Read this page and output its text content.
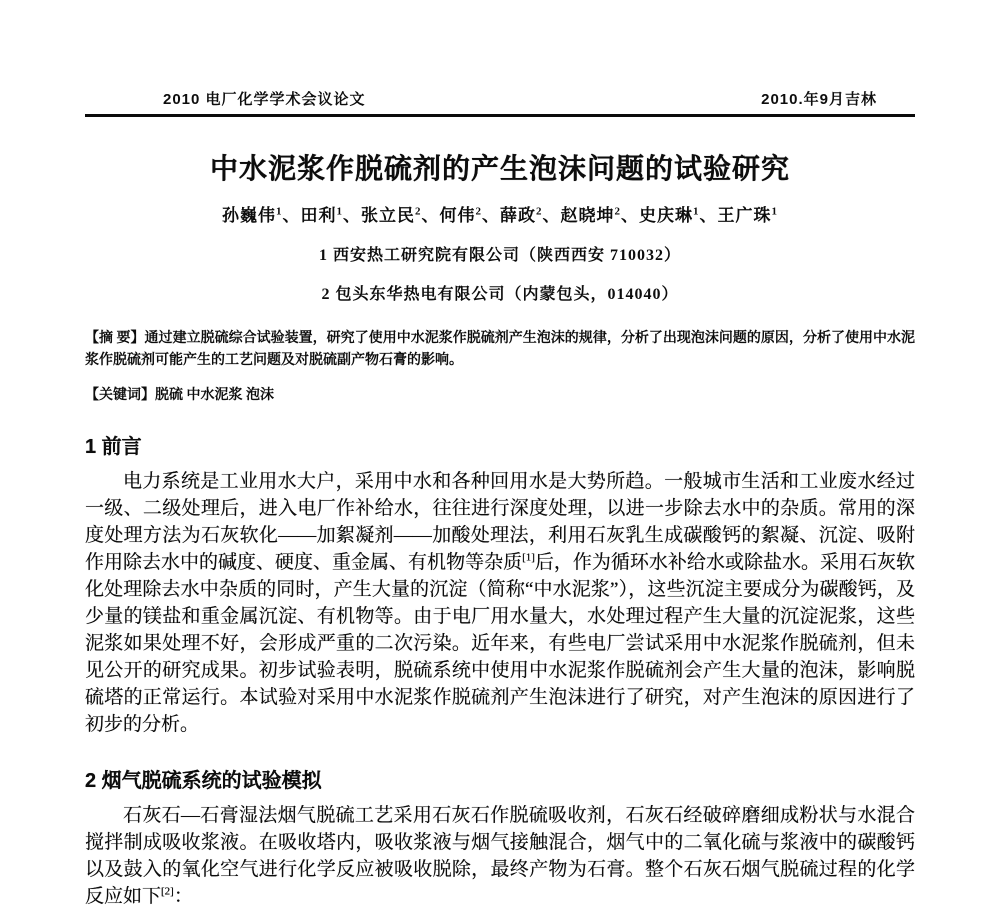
2010 电厂化学学术会议论文	2010.年9月吉林
中水泥浆作脱硫剂的产生泡沫问题的试验研究
孙巍伟$^1$、田利$^1$、张立民$^2$、何伟$^2$、薛政$^2$、赵晓坤$^2$、史庆琳$^1$、王广珠$^1$
1 西安热工研究院有限公司（陕西西安 710032）
2 包头东华热电有限公司（内蒙包头，014040）
【摘 要】通过建立脱硫综合试验装置，研究了使用中水泥浆作脱硫剂产生泡沫的规律，分析了出现泡沫问题的原因，分析了使用中水泥浆作脱硫剂可能产生的工艺问题及对脱硫副产物石膏的影响。
【关键词】脱硫 中水泥浆 泡沫
1 前言
电力系统是工业用水大户，采用中水和各种回用水是大势所趋。一般城市生活和工业废水经过一级、二级处理后，进入电厂作补给水，往往进行深度处理，以进一步除去水中的杂质。常用的深度处理方法为石灰软化——加絮凝剂——加酸处理法，利用石灰乳生成碳酸钙的絮凝、沉淀、吸附作用除去水中的碱度、硬度、重金属、有机物等杂质[1]后，作为循环水补给水或除盐水。采用石灰软化处理除去水中杂质的同时，产生大量的沉淀（简称“中水泥浆”），这些沉淀主要成分为碳酸钙，及少量的镁盐和重金属沉淀、有机物等。由于电厂用水量大，水处理过程产生大量的沉淀泥浆，这些泥浆如果处理不好，会形成严重的二次污染。近年来，有些电厂尝试采用中水泥浆作脱硫剂，但未见公开的研究成果。初步试验表明，脱硫系统中使用中水泥浆作脱硫剂会产生大量的泡沫，影响脱硫塔的正常运行。本试验对采用中水泥浆作脱硫剂产生泡沫进行了研究，对产生泡沫的原因进行了初步的分析。
2 烟气脱硫系统的试验模拟
石灰石—石膏湿法烟气脱硫工艺采用石灰石作脱硫吸收剂，石灰石经破碎磨细成粉状与水混合搅拌制成吸收浆液。在吸收塔内，吸收浆液与烟气接触混合，烟气中的二氧化硫与浆液中的碳酸钙以及鼓入的氧化空气进行化学反应被吸收脱除，最终产物为石膏。整个石灰石烟气脱硫过程的化学反应如下[2]：
